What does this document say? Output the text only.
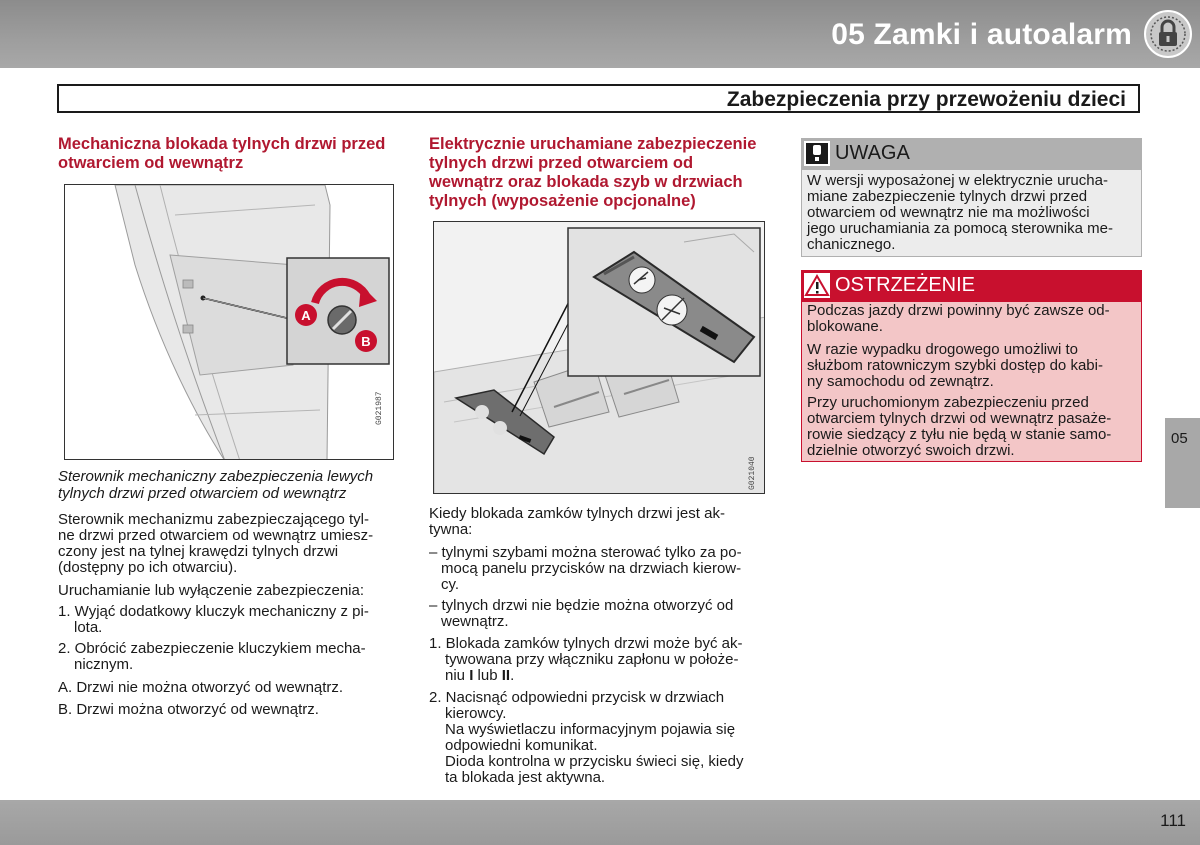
05 Zamki i autoalarm
Zabezpieczenia przy przewożeniu dzieci
Mechaniczna blokada tylnych drzwi przed
otwarciem od wewnątrz
A
B
G021987
Sterownik mechaniczny zabezpieczenia lewych
tylnych drzwi przed otwarciem od wewnątrz
Sterownik mechanizmu zabezpieczającego tyl-
ne drzwi przed otwarciem od wewnątrz umiesz-
czony jest na tylnej krawędzi tylnych drzwi
(dostępny po ich otwarciu).
Uruchamianie lub wyłączenie zabezpieczenia:
1. Wyjąć dodatkowy kluczyk mechaniczny z pi-
lota.
2. Obrócić zabezpieczenie kluczykiem mecha-
nicznym.
A. Drzwi nie można otworzyć od wewnątrz.
B. Drzwi można otworzyć od wewnątrz.
Elektrycznie uruchamiane zabezpieczenie
tylnych drzwi przed otwarciem od
wewnątrz oraz blokada szyb w drzwiach
tylnych (wyposażenie opcjonalne)
G021040
Kiedy blokada zamków tylnych drzwi jest ak-
tywna:
– tylnymi szybami można sterować tylko za po-
mocą panelu przycisków na drzwiach kierow-
cy.
– tylnych drzwi nie będzie można otworzyć od
wewnątrz.
1. Blokada zamków tylnych drzwi może być ak-
tywowana przy włączniku zapłonu w położe-
niu I lub II.
2. Nacisnąć odpowiedni przycisk w drzwiach
kierowcy.
Na wyświetlaczu informacyjnym pojawia się
odpowiedni komunikat.
Dioda kontrolna w przycisku świeci się, kiedy
ta blokada jest aktywna.
UWAGA
W wersji wyposażonej w elektrycznie urucha-
miane zabezpieczenie tylnych drzwi przed
otwarciem od wewnątrz nie ma możliwości
jego uruchamiania za pomocą sterownika me-
chanicznego.
OSTRZEŻENIE
Podczas jazdy drzwi powinny być zawsze od-
blokowane.
W razie wypadku drogowego umożliwi to
służbom ratowniczym szybki dostęp do kabi-
ny samochodu od zewnątrz.
Przy uruchomionym zabezpieczeniu przed
otwarciem tylnych drzwi od wewnątrz pasaże-
rowie siedzący z tyłu nie będą w stanie samo-
dzielnie otworzyć swoich drzwi.
05
111
